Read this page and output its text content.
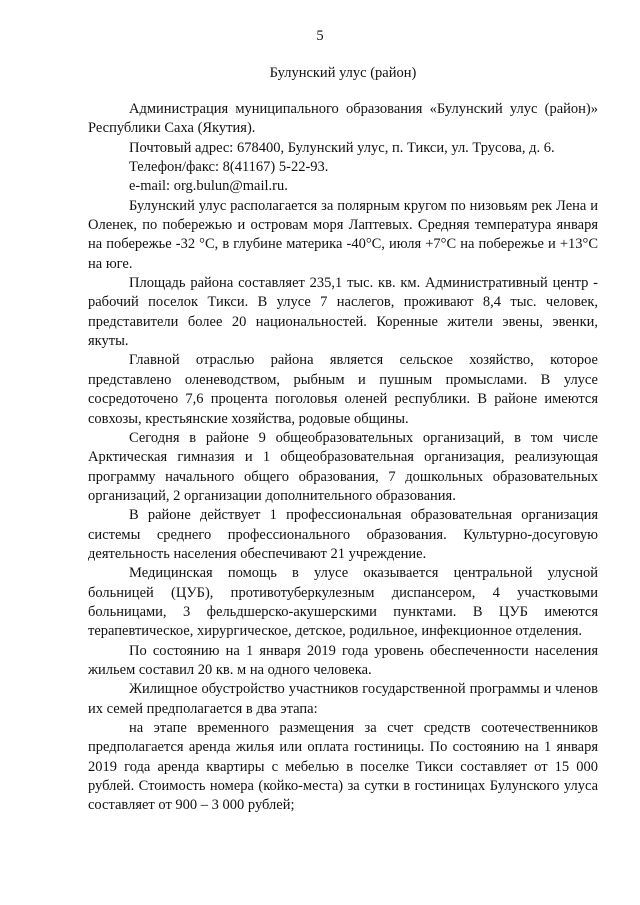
5
Булунский улус (район)

Администрация муниципального образования «Булунский улус (район)» Республики Саха (Якутия).

Почтовый адрес: 678400, Булунский улус, п. Тикси, ул. Трусова, д. 6.

Телефон/факс: 8(41167) 5-22-93.

e-mail: org.bulun@mail.ru.

Булунский улус располагается за полярным кругом по низовьям рек Лена и Оленек, по побережью и островам моря Лаптевых. Средняя температура января на побережье -32 °C, в глубине материка -40°C, июля +7°C на побережье и +13°C на юге.

Площадь района составляет 235,1 тыс. кв. км. Административный центр - рабочий поселок Тикси. В улусе 7 наслегов, проживают 8,4 тыс. человек, представители более 20 национальностей. Коренные жители эвены, эвенки, якуты.

Главной отраслью района является сельское хозяйство, которое представлено оленеводством, рыбным и пушным промыслами. В улусе сосредоточено 7,6 процента поголовья оленей республики. В районе имеются совхозы, крестьянские хозяйства, родовые общины.

Сегодня в районе 9 общеобразовательных организаций, в том числе Арктическая гимназия и 1 общеобразовательная организация, реализующая программу начального общего образования, 7 дошкольных образовательных организаций, 2 организации дополнительного образования.

В районе действует 1 профессиональная образовательная организация системы среднего профессионального образования. Культурно-досуговую деятельность населения обеспечивают 21 учреждение.

Медицинская помощь в улусе оказывается центральной улусной больницей (ЦУБ), противотуберкулезным диспансером, 4 участковыми больницами, 3 фельдшерско-акушерскими пунктами. В ЦУБ имеются терапевтическое, хирургическое, детское, родильное, инфекционное отделения.

По состоянию на 1 января 2019 года уровень обеспеченности населения жильем составил 20 кв. м на одного человека.

Жилищное обустройство участников государственной программы и членов их семей предполагается в два этапа:

на этапе временного размещения за счет средств соотечественников предполагается аренда жилья или оплата гостиницы. По состоянию на 1 января 2019 года аренда квартиры с мебелью в поселке Тикси составляет от 15 000 рублей. Стоимость номера (койко-места) за сутки в гостиницах Булунского улуса составляет от 900 – 3 000 рублей;
